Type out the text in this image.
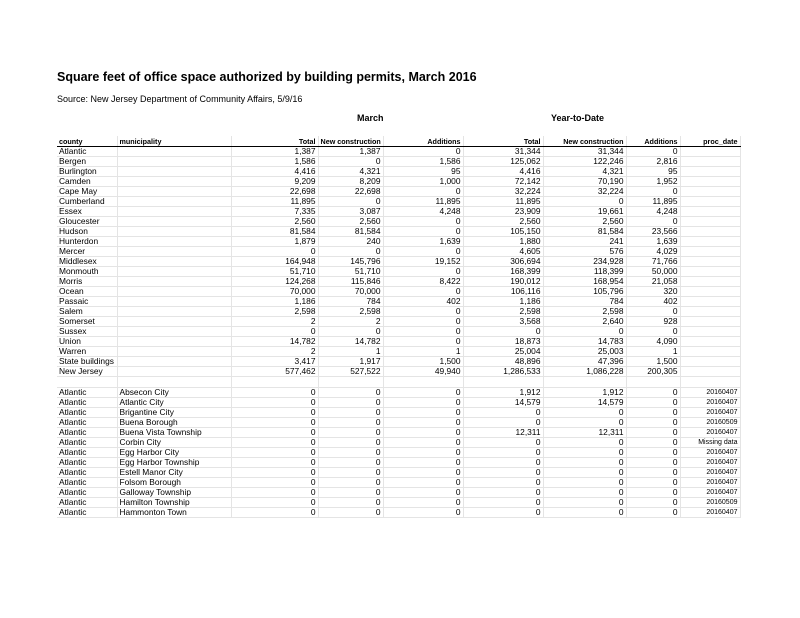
Square feet of office space authorized by building permits, March 2016
Source: New Jersey Department of Community Affairs, 5/9/16
March	Year-to-Date
county	municipality	Total	New construction	Additions	Total	New construction	Additions	proc_date
Atlantic		1,387	1,387	0	31,344	31,344	0	
Bergen		1,586	0	1,586	125,062	122,246	2,816	
Burlington		4,416	4,321	95	4,416	4,321	95	
Camden		9,209	8,209	1,000	72,142	70,190	1,952	
Cape May		22,698	22,698	0	32,224	32,224	0	
Cumberland		11,895	0	11,895	11,895	0	11,895	
Essex		7,335	3,087	4,248	23,909	19,661	4,248	
Gloucester		2,560	2,560	0	2,560	2,560	0	
Hudson		81,584	81,584	0	105,150	81,584	23,566	
Hunterdon		1,879	240	1,639	1,880	241	1,639	
Mercer		0	0	0	4,605	576	4,029	
Middlesex		164,948	145,796	19,152	306,694	234,928	71,766	
Monmouth		51,710	51,710	0	168,399	118,399	50,000	
Morris		124,268	115,846	8,422	190,012	168,954	21,058	
Ocean		70,000	70,000	0	106,116	105,796	320	
Passaic		1,186	784	402	1,186	784	402	
Salem		2,598	2,598	0	2,598	2,598	0	
Somerset		2	2	0	3,568	2,640	928	
Sussex		0	0	0	0	0	0	
Union		14,782	14,782	0	18,873	14,783	4,090	
Warren		2	1	1	25,004	25,003	1	
State buildings		3,417	1,917	1,500	48,896	47,396	1,500	
New Jersey		577,462	527,522	49,940	1,286,533	1,086,228	200,305	

Atlantic	Absecon City	0	0	0	1,912	1,912	0	20160407
Atlantic	Atlantic City	0	0	0	14,579	14,579	0	20160407
Atlantic	Brigantine City	0	0	0	0	0	0	20160407
Atlantic	Buena Borough	0	0	0	0	0	0	20160509
Atlantic	Buena Vista Township	0	0	0	12,311	12,311	0	20160407
Atlantic	Corbin City	0	0	0	0	0	0	Missing data
Atlantic	Egg Harbor City	0	0	0	0	0	0	20160407
Atlantic	Egg Harbor Township	0	0	0	0	0	0	20160407
Atlantic	Estell Manor City	0	0	0	0	0	0	20160407
Atlantic	Folsom Borough	0	0	0	0	0	0	20160407
Atlantic	Galloway Township	0	0	0	0	0	0	20160407
Atlantic	Hamilton Township	0	0	0	0	0	0	20160509
Atlantic	Hammonton Town	0	0	0	0	0	0	20160407
